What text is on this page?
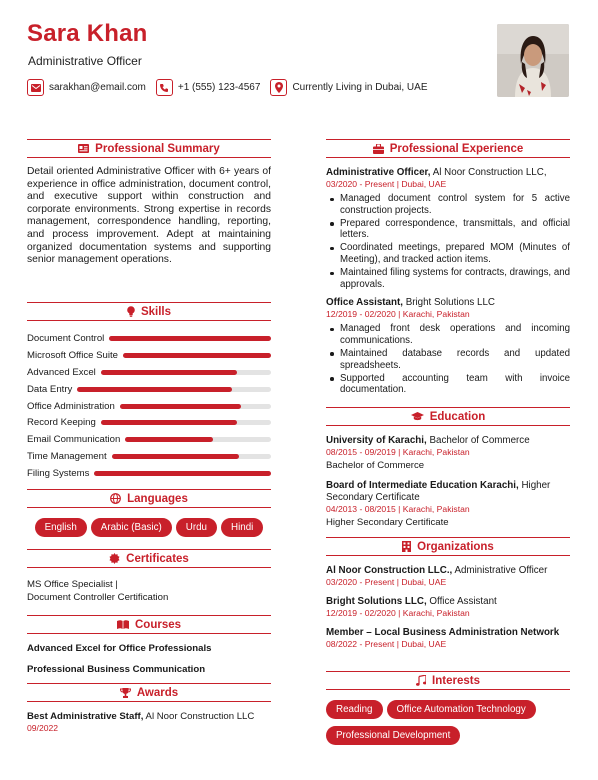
Sara Khan
Administrative Officer
sarakhan@email.com	+1 (555) 123-4567	Currently Living in Dubai, UAE
Professional Summary

Detail oriented Administrative Officer with 6+ years of experience in office administration, document control, and executive support within construction and corporate environments. Strong expertise in records management, correspondence handling, reporting, and process improvement. Adept at maintaining organized documentation systems and supporting senior management operations.

Skills
Document Control
Microsoft Office Suite
Advanced Excel
Data Entry
Office Administration
Record Keeping
Email Communication
Time Management
Filing Systems
Languages
English Arabic (Basic) Urdu Hindi
Certificates
MS Office Specialist |
Document Controller Certification
Courses
Advanced Excel for Office Professionals
Professional Business Communication
Awards
Best Administrative Staff, Al Noor Construction LLC
09/2022
Professional Experience
Administrative Officer, Al Noor Construction LLC,
03/2020 - Present | Dubai, UAE
Managed document control system for 5 active construction projects.
Prepared correspondence, transmittals, and official letters.
Coordinated meetings, prepared MOM (Minutes of Meeting), and tracked action items.
Maintained filing systems for contracts, drawings, and approvals.
Office Assistant, Bright Solutions LLC
12/2019 - 02/2020 | Karachi, Pakistan
Managed front desk operations and incoming communications.
Maintained database records and updated spreadsheets.
Supported accounting team with invoice documentation.
Education
University of Karachi, Bachelor of Commerce
08/2015 - 09/2019 | Karachi, Pakistan
Bachelor of Commerce
Board of Intermediate Education Karachi, Higher Secondary Certificate
04/2013 - 08/2015 | Karachi, Pakistan
Higher Secondary Certificate
Organizations
Al Noor Construction LLC., Administrative Officer
03/2020 - Present | Dubai, UAE
Bright Solutions LLC, Office Assistant
12/2019 - 02/2020 | Karachi, Pakistan
Member – Local Business Administration Network
08/2022 - Present | Dubai, UAE
Interests
Reading Office Automation Technology
Professional Development
